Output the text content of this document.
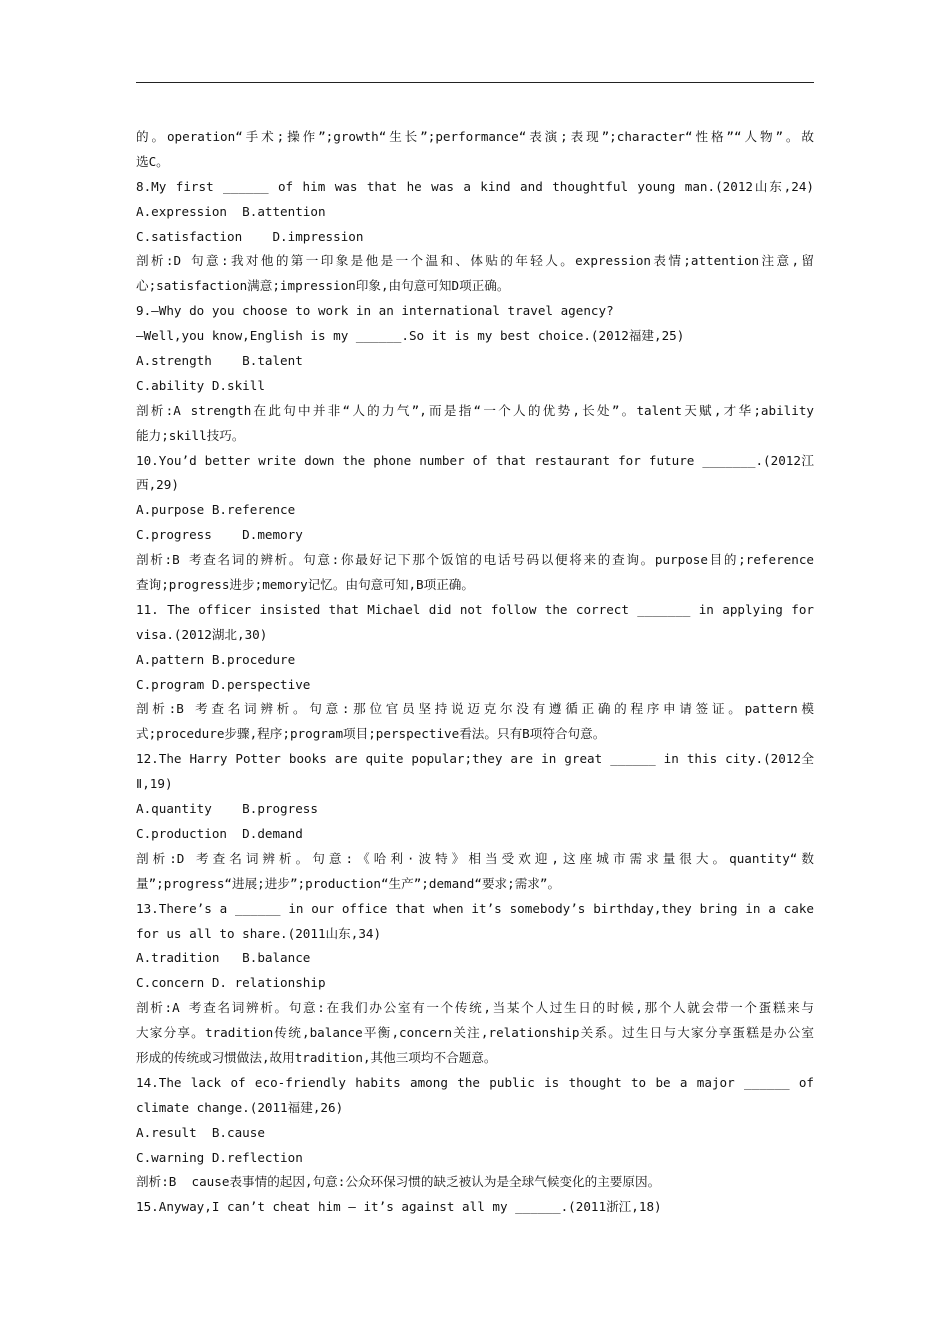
的。operation“手术;操作”;growth“生长”;performance“表演;表现”;character“性格”“人物”。故
选C。
8.My first ______ of him was that he was a kind and thoughtful young man.(2012山东,24)
A.expression  B.attention
C.satisfaction    D.impression
剖析:D 句意:我对他的第一印象是他是一个温和、体贴的年轻人。expression表情;attention注意,留
心;satisfaction满意;impression印象,由句意可知D项正确。
9.—Why do you choose to work in an international travel agency?
—Well,you know,English is my ______.So it is my best choice.(2012福建,25)
A.strength    B.talent
C.ability D.skill
剖析:A strength在此句中并非“人的力气”,而是指“一个人的优势,长处”。talent天赋,才华;ability
能力;skill技巧。
10.You’d better write down the phone number of that restaurant for future _______.(2012江
西,29)
A.purpose B.reference
C.progress    D.memory
剖析:B 考查名词的辨析。句意:你最好记下那个饭馆的电话号码以便将来的查询。purpose目的;reference
查询;progress进步;memory记忆。由句意可知,B项正确。
11. The officer insisted that Michael did not follow the correct _______ in applying for
visa.(2012湖北,30)
A.pattern B.procedure
C.program D.perspective
剖析:B 考查名词辨析。句意:那位官员坚持说迈克尔没有遵循正确的程序申请签证。pattern模
式;procedure步骤,程序;program项目;perspective看法。只有B项符合句意。
12.The Harry Potter books are quite popular;they are in great ______ in this city.(2012全
Ⅱ,19)
A.quantity    B.progress
C.production  D.demand
剖析:D 考查名词辨析。句意:《哈利·波特》相当受欢迎,这座城市需求量很大。quantity“数
量”;progress“进展;进步”;production“生产”;demand“要求;需求”。
13.There’s a ______ in our office that when it’s somebody’s birthday,they bring in a cake
for us all to share.(2011山东,34)
A.tradition   B.balance
C.concern D. relationship
剖析:A 考查名词辨析。句意:在我们办公室有一个传统,当某个人过生日的时候,那个人就会带一个蛋糕来与
大家分享。tradition传统,balance平衡,concern关注,relationship关系。过生日与大家分享蛋糕是办公室
形成的传统或习惯做法,故用tradition,其他三项均不合题意。
14.The lack of eco-friendly habits among the public is thought to be a major ______ of
climate change.(2011福建,26)
A.result  B.cause
C.warning D.reflection
剖析:B  cause表事情的起因,句意:公众环保习惯的缺乏被认为是全球气候变化的主要原因。
15.Anyway,I can’t cheat him — it’s against all my ______.(2011浙江,18)
